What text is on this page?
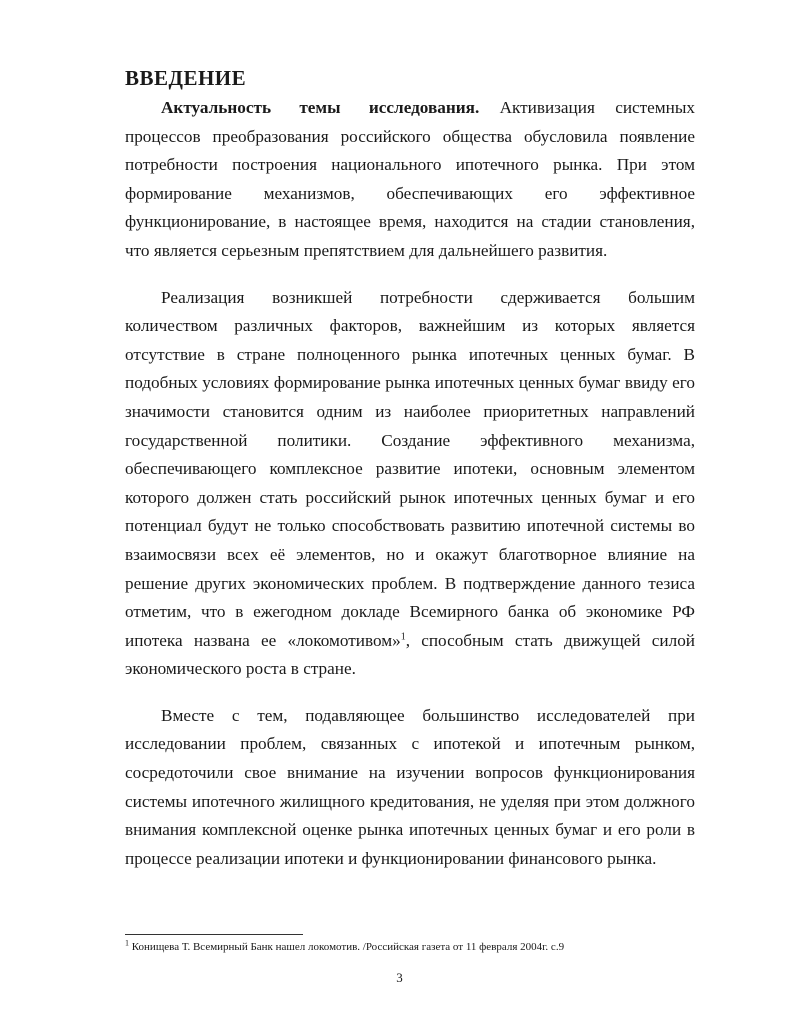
ВВЕДЕНИЕ

Актуальность темы исследования. Активизация системных процессов преобразования российского общества обусловила появление потребности построения национального ипотечного рынка. При этом формирование механизмов, обеспечивающих его эффективное функционирование, в настоящее время, находится на стадии становления, что является серьезным препятствием для дальнейшего развития.

Реализация возникшей потребности сдерживается большим количеством различных факторов, важнейшим из которых является отсутствие в стране полноценного рынка ипотечных ценных бумаг. В подобных условиях формирование рынка ипотечных ценных бумаг ввиду его значимости становится одним из наиболее приоритетных направлений государственной политики. Создание эффективного механизма, обеспечивающего комплексное развитие ипотеки, основным элементом которого должен стать российский рынок ипотечных ценных бумаг и его потенциал будут не только способствовать развитию ипотечной системы во взаимосвязи всех её элементов, но и окажут благотворное влияние на решение других экономических проблем. В подтверждение данного тезиса отметим, что в ежегодном докладе Всемирного банка об экономике РФ ипотека названа ее «локомотивом»$^1$, способным стать движущей силой экономического роста в стране.

Вместе с тем, подавляющее большинство исследователей при исследовании проблем, связанных с ипотекой и ипотечным рынком, сосредоточили свое внимание на изучении вопросов функционирования системы ипотечного жилищного кредитования, не уделяя при этом должного внимания комплексной оценке рынка ипотечных ценных бумаг и его роли в процессе реализации ипотеки и функционировании финансового рынка.

$^1$ Конищева Т. Всемирный Банк нашел локомотив. /Российская газета от 11 февраля 2004г. с.9
3
